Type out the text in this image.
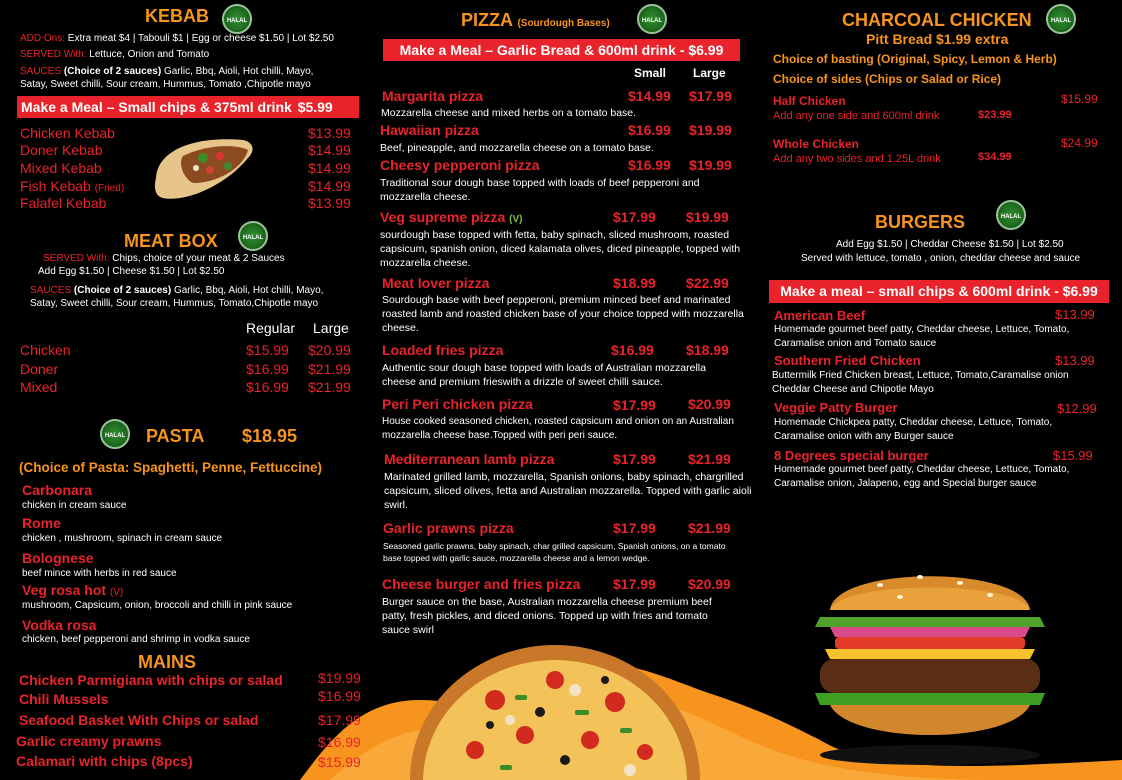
KEBAB	HALAL
ADD Ons: Extra meat $4 | Tabouli $1 | Egg or cheese $1.50 | Lot $2.50
SERVED With: Lettuce, Onion and Tomato
SAUCES (Choice of 2 sauces) Garlic, Bbq, Aioli, Hot chilli, Mayo,
Satay, Sweet chilli, Sour cream, Hummus, Tomato ,Chipotle mayo
Make a Meal – Small chips & 375ml drink $5.99
Chicken Kebab	$13.99
Doner Kebab	$14.99
Mixed Kebab	$14.99
Fish Kebab (Fried)	$14.99
Falafel Kebab	$13.99
MEAT BOX	HALAL
SERVED With: Chips, choice of your meat & 2 Sauces
Add Egg $1.50 | Cheese $1.50 | Lot $2.50
SAUCES (Choice of 2 sauces) Garlic, Bbq, Aioli, Hot chilli, Mayo,
Satay, Sweet chilli, Sour cream, Hummus, Tomato,Chipotle mayo
Regular Large
Chicken	$15.99 $20.99
Doner	$16.99 $21.99
Mixed	$16.99 $21.99
HALAL PASTA $18.95
(Choice of Pasta: Spaghetti, Penne, Fettuccine)
Carbonara
chicken in cream sauce
Rome
chicken , mushroom, spinach in cream sauce
Bolognese
beef mince with herbs in red sauce
Veg rosa hot (V)
mushroom, Capsicum, onion, broccoli and chilli in pink sauce
Vodka rosa
chicken, beef pepperoni and shrimp in vodka sauce
MAINS
Chicken Parmigiana with chips or salad	$19.99
Chili Mussels	$16.99
Seafood Basket With Chips or salad	$17.99
Garlic creamy prawns	$16.99
Calamari with chips (8pcs)	$15.99
PIZZA (Sourdough Bases)	HALAL
Make a Meal – Garlic Bread & 600ml drink - $6.99
Small Large
Margarita pizza	$14.99 $17.99
Mozzarella cheese and mixed herbs on a tomato base.
Hawaiian pizza	$16.99 $19.99
Beef, pineapple, and mozzarella cheese on a tomato base.
Cheesy pepperoni pizza	$16.99 $19.99
Traditional sour dough base topped with loads of beef pepperoni and mozzarella cheese.
Veg supreme pizza (V)	$17.99 $19.99
sourdough base topped with fetta, baby spinach, sliced mushroom, roasted capsicum, spanish onion, diced kalamata olives, diced pineapple, topped with mozzarella cheese.
Meat lover pizza	$18.99 $22.99
Sourdough base with beef pepperoni, premium minced beef and marinated roasted lamb and roasted chicken base of your choice topped with mozzarella cheese.
Loaded fries pizza	$16.99 $18.99
Authentic sour dough base topped with loads of Australian mozzarella cheese and premium frieswith a drizzle of sweet chilli sauce.
Peri Peri chicken pizza	$17.99 $20.99
House cooked seasoned chicken, roasted capsicum and onion on an Australian mozzarella cheese base.Topped with peri peri sauce.
Mediterranean lamb pizza	$17.99 $21.99
Marinated grilled lamb, mozzarella, Spanish onions, baby spinach, chargrilled capsicum, sliced olives, fetta and Australian mozzarella. Topped with garlic aioli swirl.
Garlic prawns pizza	$17.99 $21.99
Seasoned garlic prawns, baby spinach, char grilled capsicum, Spanish onions, on a tomato base topped with garlic sauce, mozzarella cheese and a lemon wedge.
Cheese burger and fries pizza $17.99 $20.99
Burger sauce on the base, Australian mozzarella cheese premium beef patty, fresh pickles, and diced onions. Topped up with fries and tomato sauce swirl
CHARCOAL CHICKEN	HALAL
Pitt Bread $1.99 extra
Choice of basting (Original, Spicy, Lemon & Herb)
Choice of sides (Chips or Salad or Rice)
Half Chicken	$15.99
Add any one side and 600ml drink	$23.99
Whole Chicken	$24.99
Add any two sides and 1.25L drink	$34.99
BURGERS	HALAL
Add Egg $1.50 | Cheddar Cheese $1.50 | Lot $2.50
Served with lettuce, tomato , onion, cheddar cheese and sauce
Make a meal – small chips & 600ml drink - $6.99
American Beef	$13.99
Homemade gourmet beef patty, Cheddar cheese, Lettuce, Tomato, Caramalise onion and Tomato sauce
Southern Fried Chicken	$13.99
Buttermilk Fried Chicken breast, Lettuce, Tomato,Caramalise onion Cheddar Cheese and Chipotle Mayo
Veggie Patty Burger	$12.99
Homemade Chickpea patty, Cheddar cheese, Lettuce, Tomato, Caramalise onion with any Burger sauce
8 Degrees special burger	$15.99
Homemade gourmet beef patty, Cheddar cheese, Lettuce, Tomato, Caramalise onion, Jalapeno, egg and Special burger sauce
